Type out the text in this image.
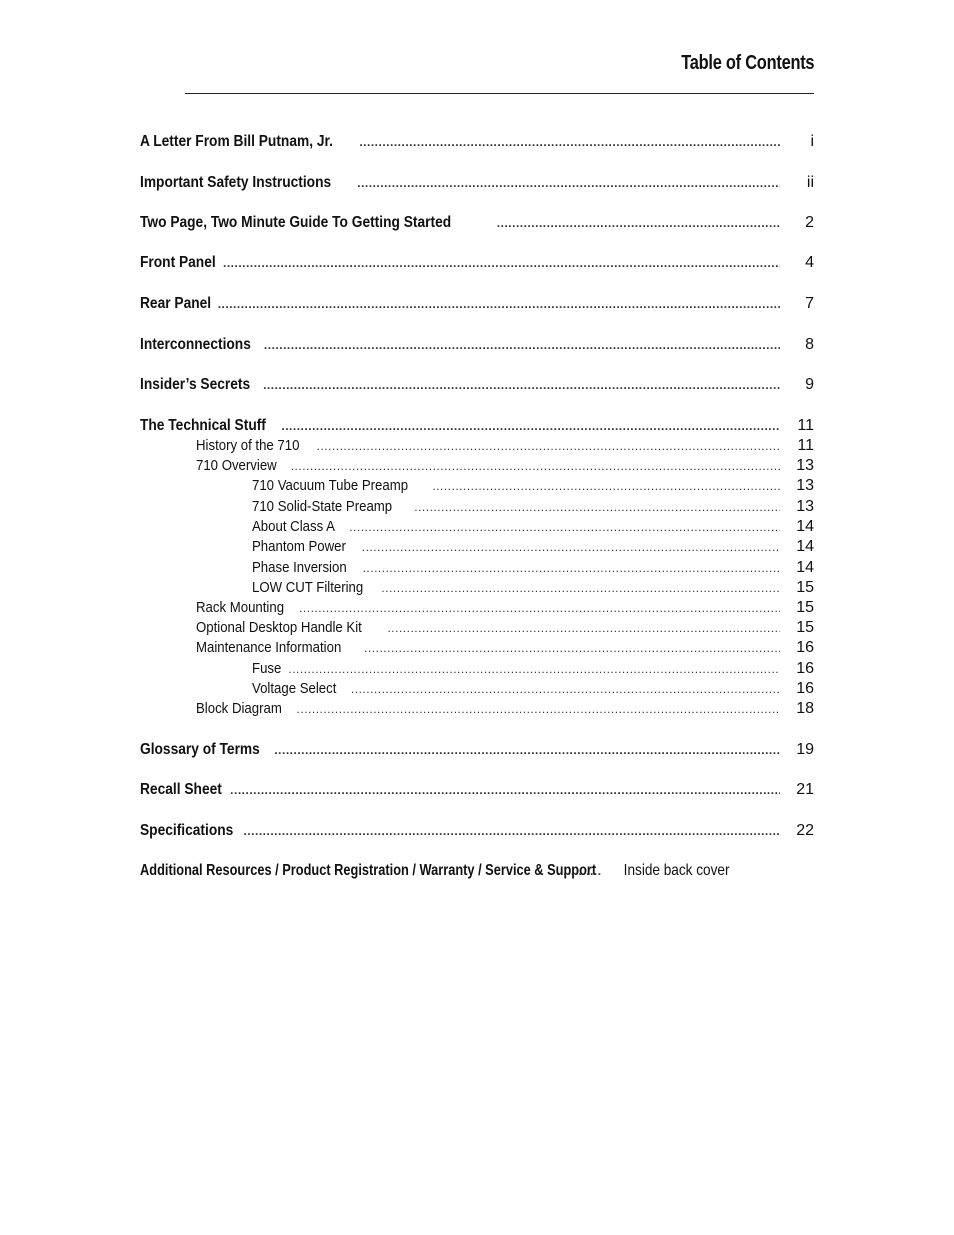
Table of Contents
A Letter From Bill Putnam, Jr. .....	i
Important Safety Instructions .....	ii
Two Page, Two Minute Guide To Getting Started .....	2
Front Panel .....	4
Rear Panel .....	7
Interconnections .....	8
Insider’s Secrets .....	9
The Technical Stuff .....	11
History of the 710 .....	11
710 Overview .....	13
710 Vacuum Tube Preamp .....	13
710 Solid-State Preamp .....	13
About Class A .....	14
Phantom Power .....	14
Phase Inversion .....	14
LOW CUT Filtering .....	15
Rack Mounting .....	15
Optional Desktop Handle Kit .....	15
Maintenance Information .....	16
Fuse .....	16
Voltage Select .....	16
Block Diagram .....	18
Glossary of Terms .....	19
Recall Sheet .....	21
Specifications .....	22
Additional Resources / Product Registration / Warranty / Service & Support ..... Inside back cover
